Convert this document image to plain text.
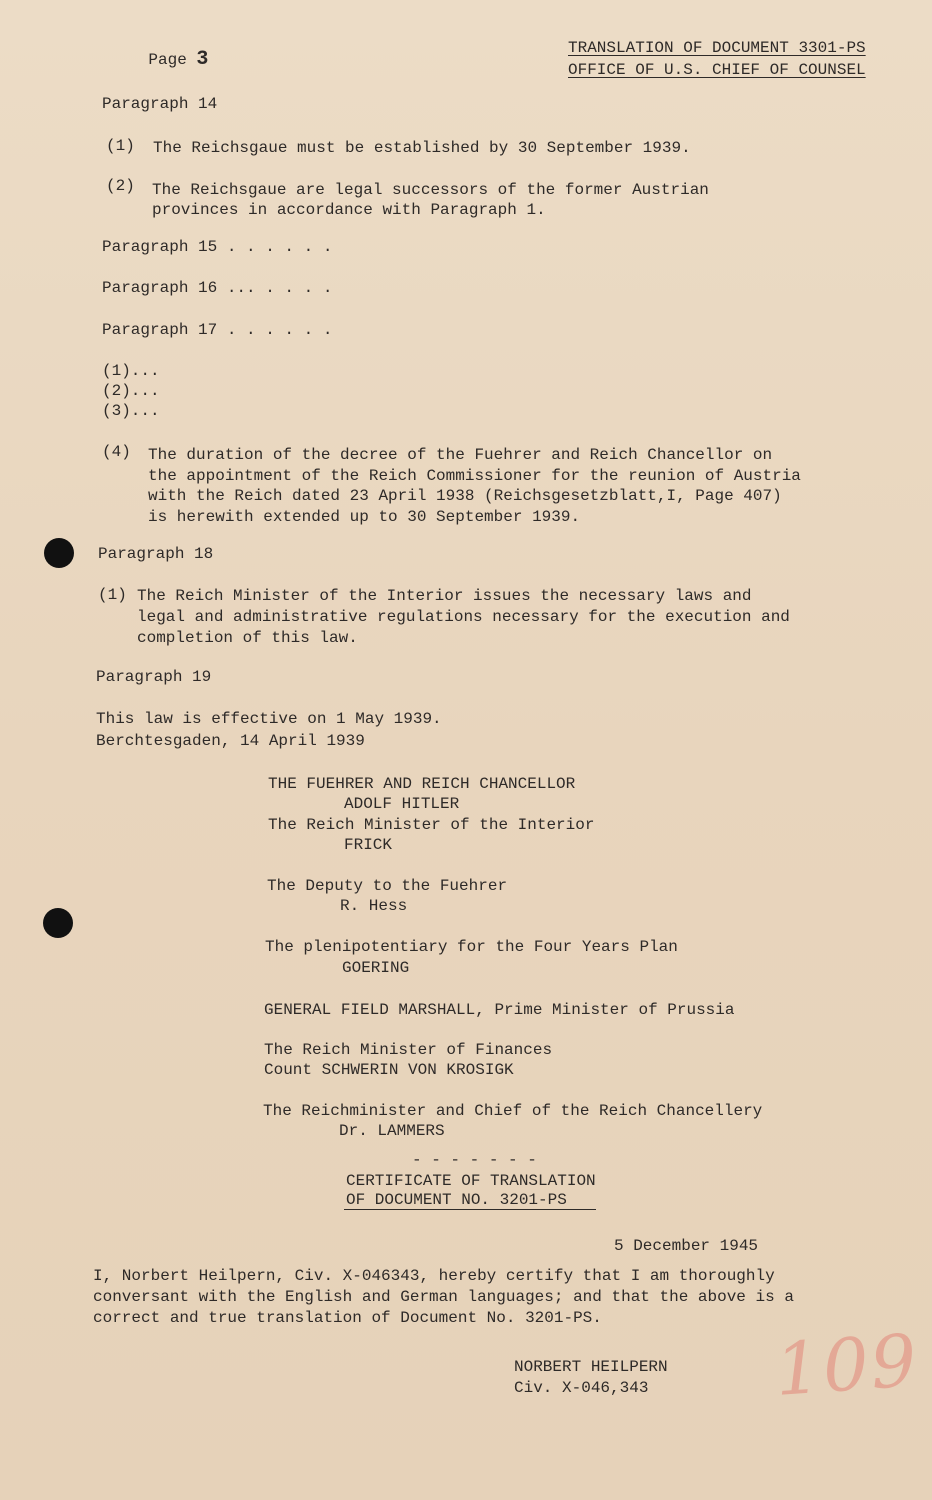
Page 3
	TRANSLATION OF DOCUMENT 3301-PS
OFFICE OF U.S. CHIEF OF COUNSEL
Paragraph 14
(1) The Reichsgaue must be established by 30 September 1939.
(2) The Reichsgaue are legal successors of the former Austrian
provinces in accordance with Paragraph 1.
Paragraph 15 . . . . . .
Paragraph 16 ... . . . .
Paragraph 17 . . . . . .
(1)...
(2)...
(3)...
(4) The duration of the decree of the Fuehrer and Reich Chancellor on
the appointment of the Reich Commissioner for the reunion of Austria
with the Reich dated 23 April 1938 (Reichsgesetzblatt,I, Page 407)
is herewith extended up to 30 September 1939.
Paragraph 18
(1) The Reich Minister of the Interior issues the necessary laws and
legal and administrative regulations necessary for the execution and
completion of this law.
Paragraph 19
This law is effective on 1 May 1939.
Berchtesgaden, 14 April 1939
THE FUEHRER AND REICH CHANCELLOR
ADOLF HITLER
The Reich Minister of the Interior
FRICK
The Deputy to the Fuehrer
R. Hess
The plenipotentiary for the Four Years Plan
GOERING
GENERAL FIELD MARSHALL, Prime Minister of Prussia
The Reich Minister of Finances
Count SCHWERIN VON KROSIGK
The Reichminister and Chief of the Reich Chancellery
Dr. LAMMERS
- - - - - - -
CERTIFICATE OF TRANSLATION
OF DOCUMENT NO. 3201-PS
5 December 1945
I, Norbert Heilpern, Civ. X-046343, hereby certify that I am thoroughly
conversant with the English and German languages; and that the above is a
correct and true translation of Document No. 3201-PS.
NORBERT HEILPERN
Civ. X-046,343 109
